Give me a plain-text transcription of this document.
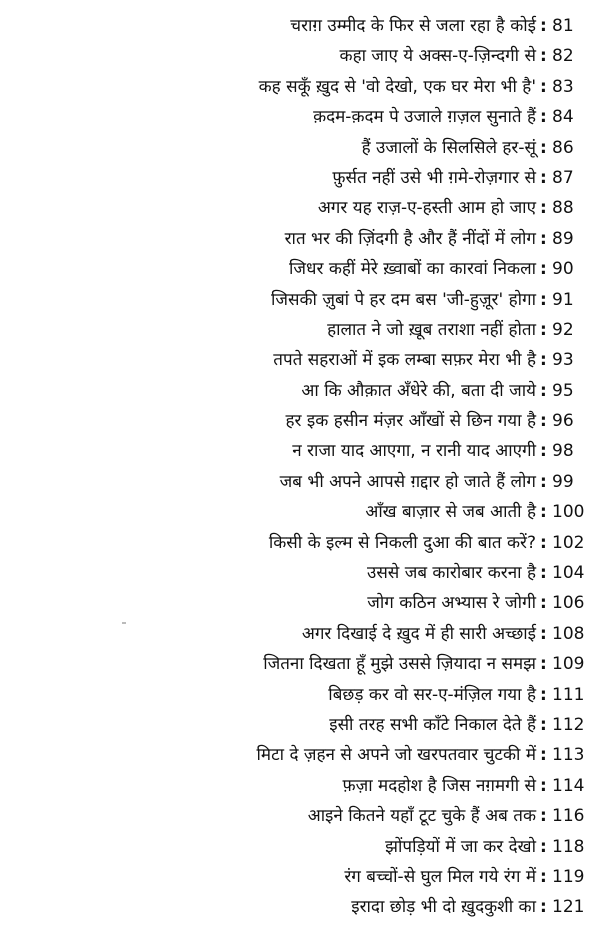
चराग़ उम्मीद के फिर से जला रहा है कोई : 81
कहा जाए ये अक्स-ए-ज़िन्दगी से : 82
कह सकूँ ख़ुद से 'वो देखो, एक घर मेरा भी है' : 83
क़दम-क़दम पे उजाले ग़ज़ल सुनाते हैं : 84
हैं उजालों के सिलसिले हर-सूं : 86
फ़ुर्सत नहीं उसे भी ग़मे-रोज़गार से : 87
अगर यह राज़-ए-हस्ती आम हो जाए : 88
रात भर की ज़िंदगी है और हैं नींदों में लोग : 89
जिधर कहीं मेरे ख़्वाबों का कारवां निकला : 90
जिसकी ज़ुबां पे हर दम बस 'जी-हुज़ूर' होगा : 91
हालात ने जो ख़ूब तराशा नहीं होता : 92
तपते सहराओं में इक लम्बा सफ़र मेरा भी है : 93
आ कि औक़ात अँधेरे की, बता दी जाये : 95
हर इक हसीन मंज़र आँखों से छिन गया है : 96
न राजा याद आएगा, न रानी याद आएगी : 98
जब भी अपने आपसे ग़द्दार हो जाते हैं लोग : 99
आँख बाज़ार से जब आती है : 100
किसी के इल्म से निकली दुआ की बात करें? : 102
उससे जब कारोबार करना है : 104
जोग कठिन अभ्यास रे जोगी : 106
अगर दिखाई दे ख़ुद में ही सारी अच्छाई : 108
जितना दिखता हूँ मुझे उससे ज़ियादा न समझ : 109
बिछड़ कर वो सर-ए-मंज़िल गया है : 111
इसी तरह सभी काँटे निकाल देते हैं : 112
मिटा दे ज़हन से अपने जो खरपतवार चुटकी में : 113
फ़ज़ा मदहोश है जिस नग़मगी से : 114
आइने कितने यहाँ टूट चुके हैं अब तक : 116
झोंपड़ियों में जा कर देखो : 118
रंग बच्चों-से घुल मिल गये रंग में : 119
इरादा छोड़ भी दो ख़ुदकुशी का : 121
